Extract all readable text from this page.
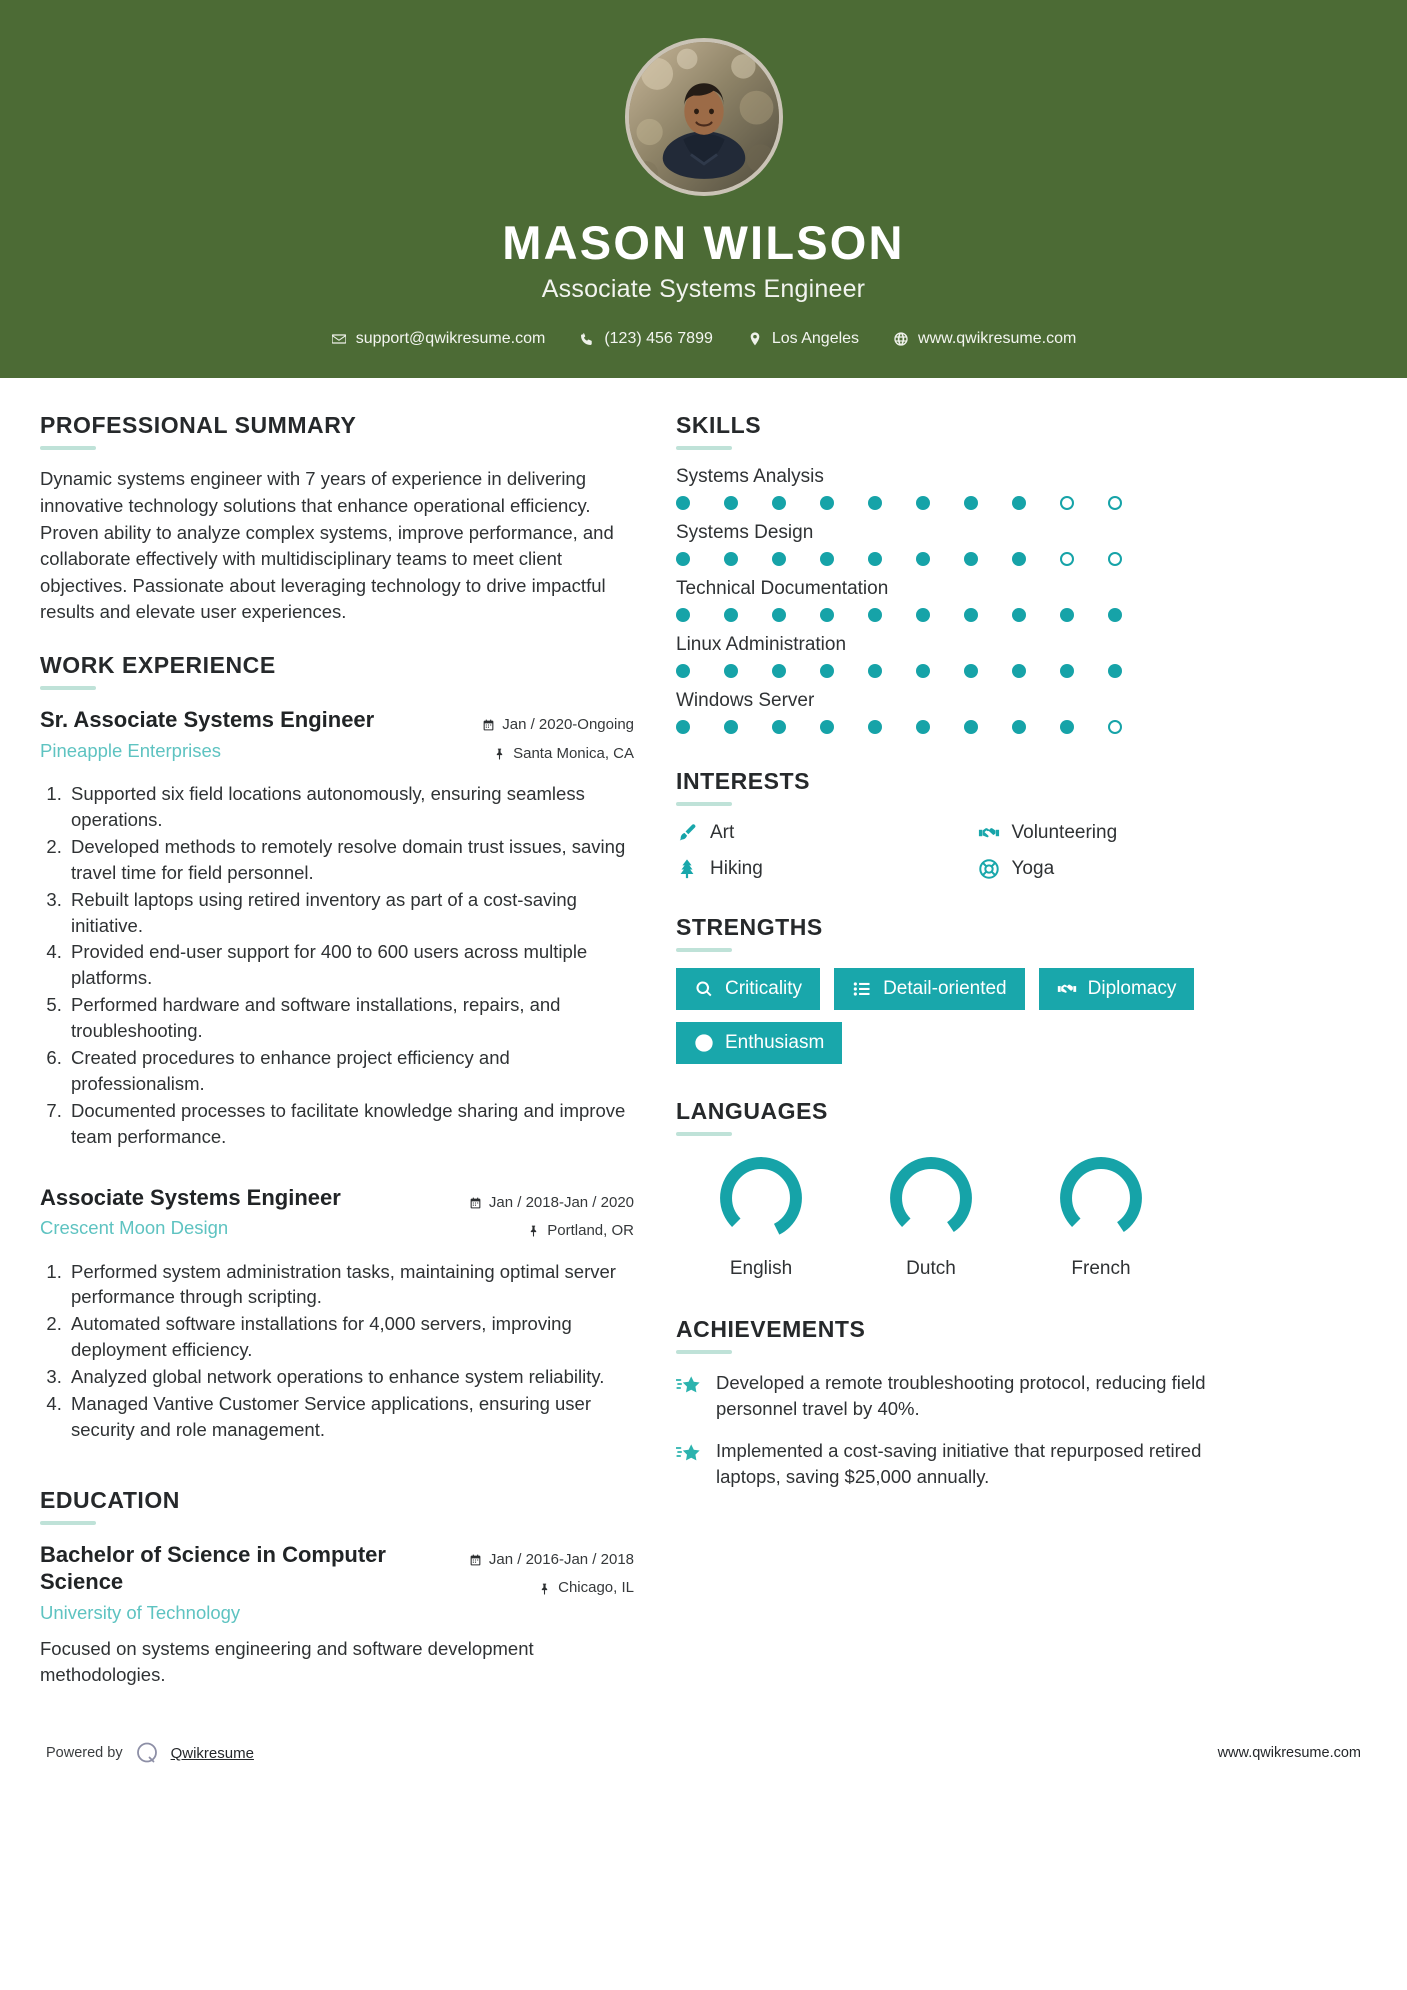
MASON WILSON
Associate Systems Engineer
support@qwikresume.com	(123) 456 7899	Los Angeles	www.qwikresume.com
PROFESSIONAL SUMMARY
Dynamic systems engineer with 7 years of experience in delivering innovative technology solutions that enhance operational efficiency. Proven ability to analyze complex systems, improve performance, and collaborate effectively with multidisciplinary teams to meet client objectives. Passionate about leveraging technology to drive impactful results and elevate user experiences.
WORK EXPERIENCE
Sr. Associate Systems Engineer
Pineapple Enterprises
Jan / 2020-Ongoing
Santa Monica, CA
1. Supported six field locations autonomously, ensuring seamless operations.
2. Developed methods to remotely resolve domain trust issues, saving travel time for field personnel.
3. Rebuilt laptops using retired inventory as part of a cost-saving initiative.
4. Provided end-user support for 400 to 600 users across multiple platforms.
5. Performed hardware and software installations, repairs, and troubleshooting.
6. Created procedures to enhance project efficiency and professionalism.
7. Documented processes to facilitate knowledge sharing and improve team performance.
Associate Systems Engineer
Crescent Moon Design
Jan / 2018-Jan / 2020
Portland, OR
1. Performed system administration tasks, maintaining optimal server performance through scripting.
2. Automated software installations for 4,000 servers, improving deployment efficiency.
3. Analyzed global network operations to enhance system reliability.
4. Managed Vantive Customer Service applications, ensuring user security and role management.
EDUCATION
Bachelor of Science in Computer Science
University of Technology
Jan / 2016-Jan / 2018
Chicago, IL
Focused on systems engineering and software development methodologies.
SKILLS
Systems Analysis
Systems Design
Technical Documentation
Linux Administration
Windows Server
INTERESTS
Art	Volunteering
Hiking	Yoga
STRENGTHS
Criticality	Detail-oriented	Diplomacy
Enthusiasm
LANGUAGES
English	Dutch	French
ACHIEVEMENTS
Developed a remote troubleshooting protocol, reducing field personnel travel by 40%.
Implemented a cost-saving initiative that repurposed retired laptops, saving $25,000 annually.
Powered by	Qwikresume	www.qwikresume.com
